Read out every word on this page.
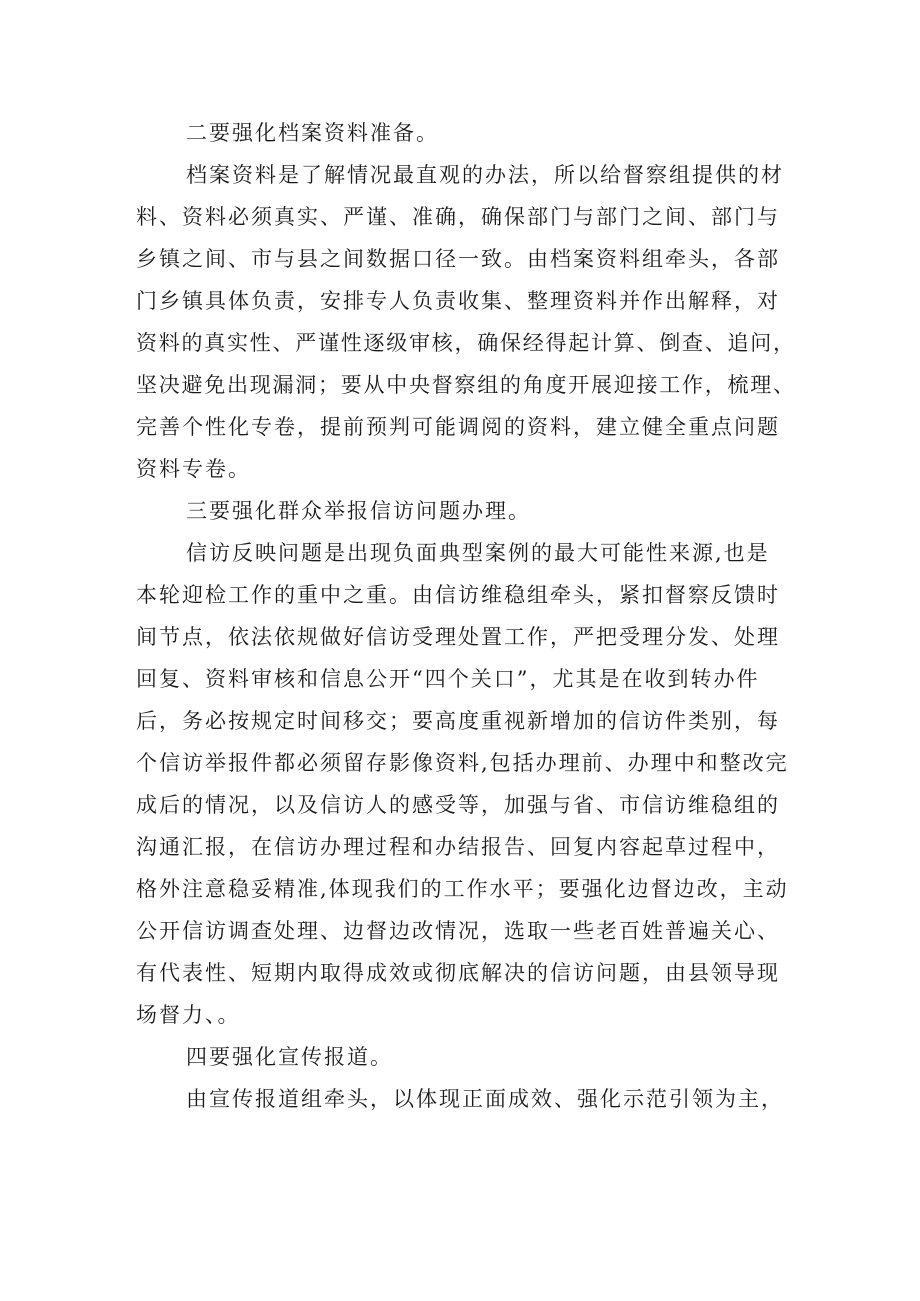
二要强化档案资料准备。
档案资料是了解情况最直观的办法，所以给督察组提供的材
料、资料必须真实、严谨、准确，确保部门与部门之间、部门与
乡镇之间、市与县之间数据口径一致。由档案资料组牵头，各部
门乡镇具体负责，安排专人负责收集、整理资料并作出解释，对
资料的真实性、严谨性逐级审核，确保经得起计算、倒查、追问，
坚决避免出现漏洞；要从中央督察组的角度开展迎接工作，梳理、
完善个性化专卷，提前预判可能调阅的资料，建立健全重点问题
资料专卷。
三要强化群众举报信访问题办理。
信访反映问题是出现负面典型案例的最大可能性来源,也是
本轮迎检工作的重中之重。由信访维稳组牵头，紧扣督察反馈时
间节点，依法依规做好信访受理处置工作，严把受理分发、处理
回复、资料审核和信息公开“四个关口”，尤其是在收到转办件
后，务必按规定时间移交；要高度重视新增加的信访件类别，每
个信访举报件都必须留存影像资料,包括办理前、办理中和整改完
成后的情况，以及信访人的感受等，加强与省、市信访维稳组的
沟通汇报，在信访办理过程和办结报告、回复内容起草过程中，
格外注意稳妥精准,体现我们的工作水平；要强化边督边改，主动
公开信访调查处理、边督边改情况，选取一些老百姓普遍关心、
有代表性、短期内取得成效或彻底解决的信访问题，由县领导现
场督力、。
四要强化宣传报道。
由宣传报道组牵头，以体现正面成效、强化示范引领为主，
